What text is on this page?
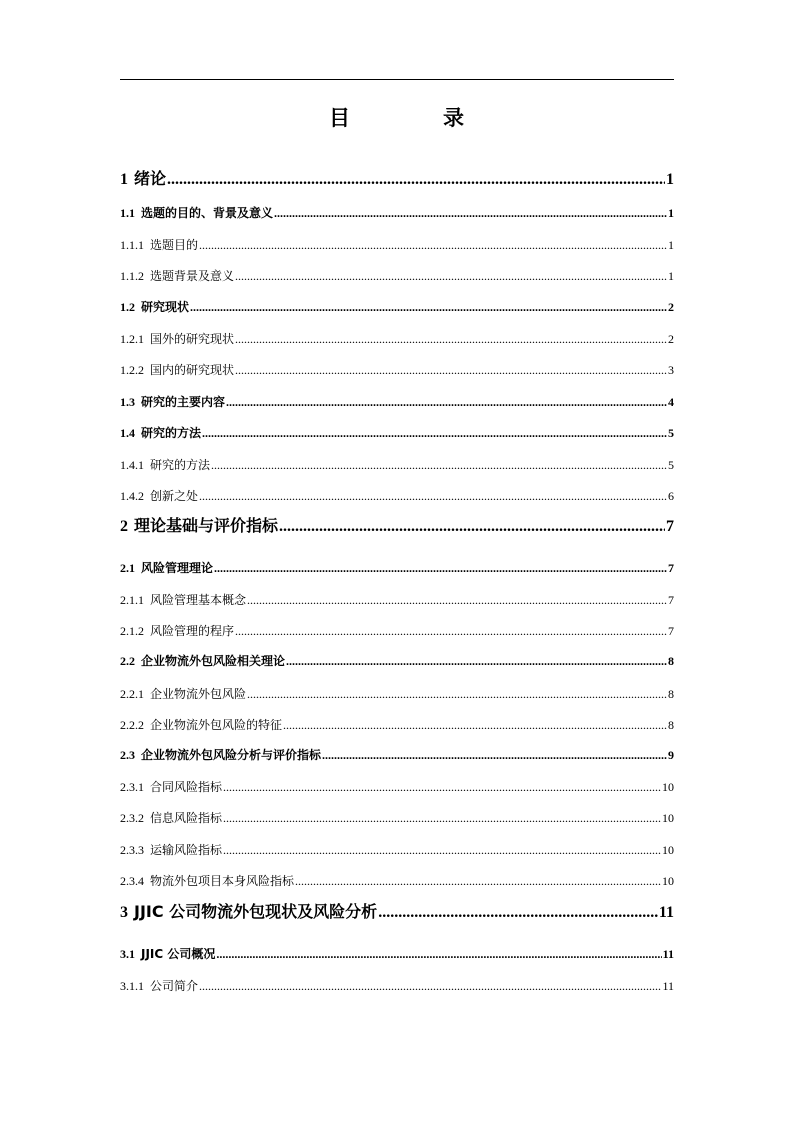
目　录
1 绪论 .....	1
1.1 选题的目的、背景及意义 .....	1
1.1.1 选题目的 .....	1
1.1.2 选题背景及意义 .....	1
1.2 研究现状 .....	2
1.2.1 国外的研究现状 .....	2
1.2.2 国内的研究现状 .....	3
1.3 研究的主要内容 .....	4
1.4 研究的方法 .....	5
1.4.1 研究的方法 .....	5
1.4.2 创新之处 .....	6
2 理论基础与评价指标 .....	7
2.1 风险管理理论 .....	7
2.1.1 风险管理基本概念 .....	7
2.1.2 风险管理的程序 .....	7
2.2 企业物流外包风险相关理论 .....	8
2.2.1 企业物流外包风险 .....	8
2.2.2 企业物流外包风险的特征 .....	8
2.3 企业物流外包风险分析与评价指标 .....	9
2.3.1 合同风险指标 .....	10
2.3.2 信息风险指标 .....	10
2.3.3 运输风险指标 .....	10
2.3.4 物流外包项目本身风险指标 .....	10
3 JJIC 公司物流外包现状及风险分析 .....	11
3.1 JJIC 公司概况 .....	11
3.1.1 公司简介 .....	11
